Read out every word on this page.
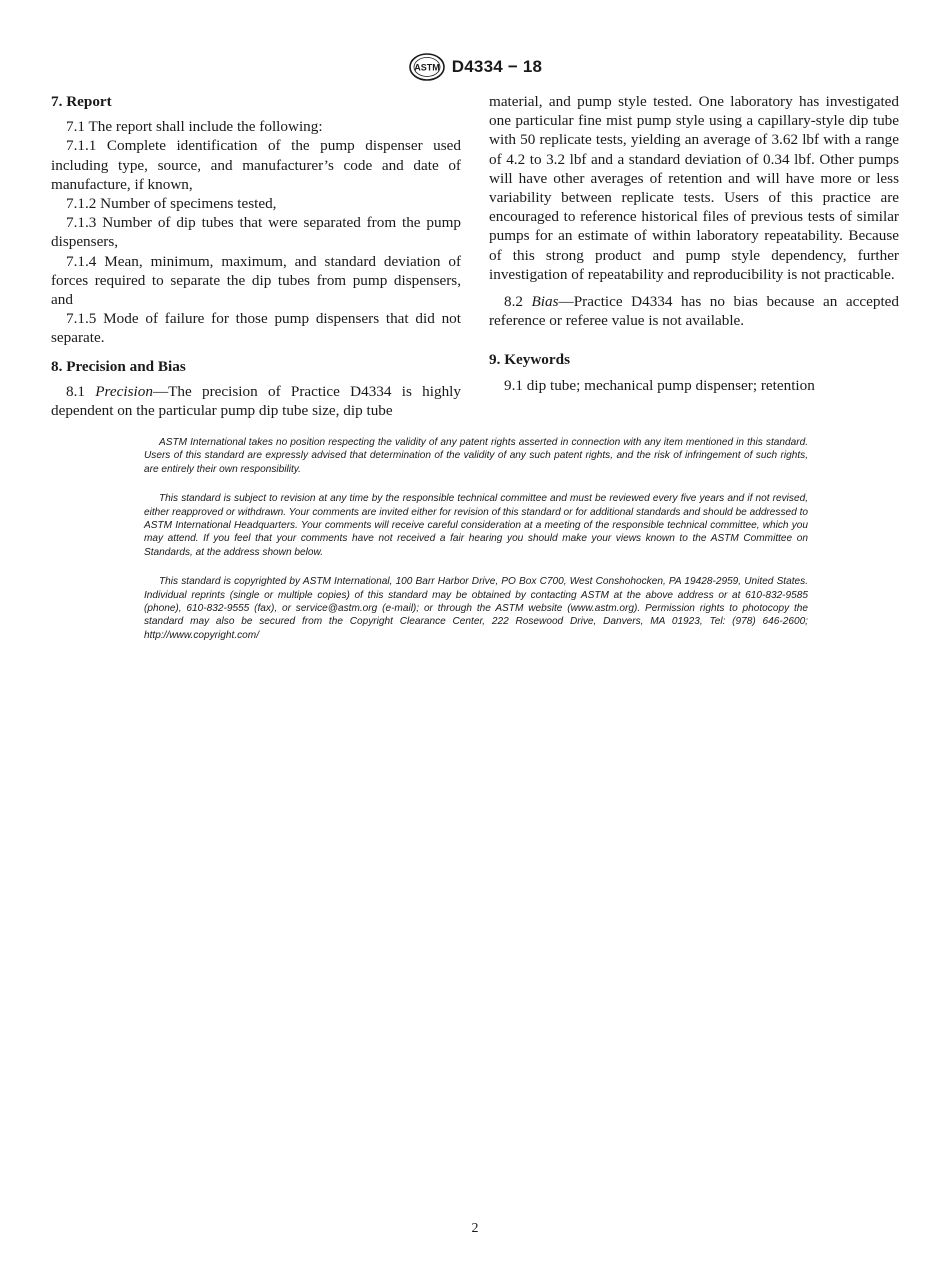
ASTM D4334 − 18

7. Report

7.1 The report shall include the following:

7.1.1 Complete identification of the pump dispenser used including type, source, and manufacturer’s code and date of manufacture, if known,

7.1.2 Number of specimens tested,

7.1.3 Number of dip tubes that were separated from the pump dispensers,

7.1.4 Mean, minimum, maximum, and standard deviation of forces required to separate the dip tubes from pump dispensers, and

7.1.5 Mode of failure for those pump dispensers that did not separate.

8. Precision and Bias

8.1 Precision—The precision of Practice D4334 is highly dependent on the particular pump dip tube size, dip tube

material, and pump style tested. One laboratory has investigated one particular fine mist pump style using a capillary-style dip tube with 50 replicate tests, yielding an average of 3.62 lbf with a range of 4.2 to 3.2 lbf and a standard deviation of 0.34 lbf. Other pumps will have other averages of retention and will have more or less variability between replicate tests. Users of this practice are encouraged to reference historical files of previous tests of similar pumps for an estimate of within laboratory repeatability. Because of this strong product and pump style dependency, further investigation of repeatability and reproducibility is not practicable.

8.2 Bias—Practice D4334 has no bias because an accepted reference or referee value is not available.

9. Keywords

9.1 dip tube; mechanical pump dispenser; retention

ASTM International takes no position respecting the validity of any patent rights asserted in connection with any item mentioned in this standard. Users of this standard are expressly advised that determination of the validity of any such patent rights, and the risk of infringement of such rights, are entirely their own responsibility.

This standard is subject to revision at any time by the responsible technical committee and must be reviewed every five years and if not revised, either reapproved or withdrawn. Your comments are invited either for revision of this standard or for additional standards and should be addressed to ASTM International Headquarters. Your comments will receive careful consideration at a meeting of the responsible technical committee, which you may attend. If you feel that your comments have not received a fair hearing you should make your views known to the ASTM Committee on Standards, at the address shown below.

This standard is copyrighted by ASTM International, 100 Barr Harbor Drive, PO Box C700, West Conshohocken, PA 19428-2959, United States. Individual reprints (single or multiple copies) of this standard may be obtained by contacting ASTM at the above address or at 610-832-9585 (phone), 610-832-9555 (fax), or service@astm.org (e-mail); or through the ASTM website (www.astm.org). Permission rights to photocopy the standard may also be secured from the Copyright Clearance Center, 222 Rosewood Drive, Danvers, MA 01923, Tel: (978) 646-2600; http://www.copyright.com/

2
